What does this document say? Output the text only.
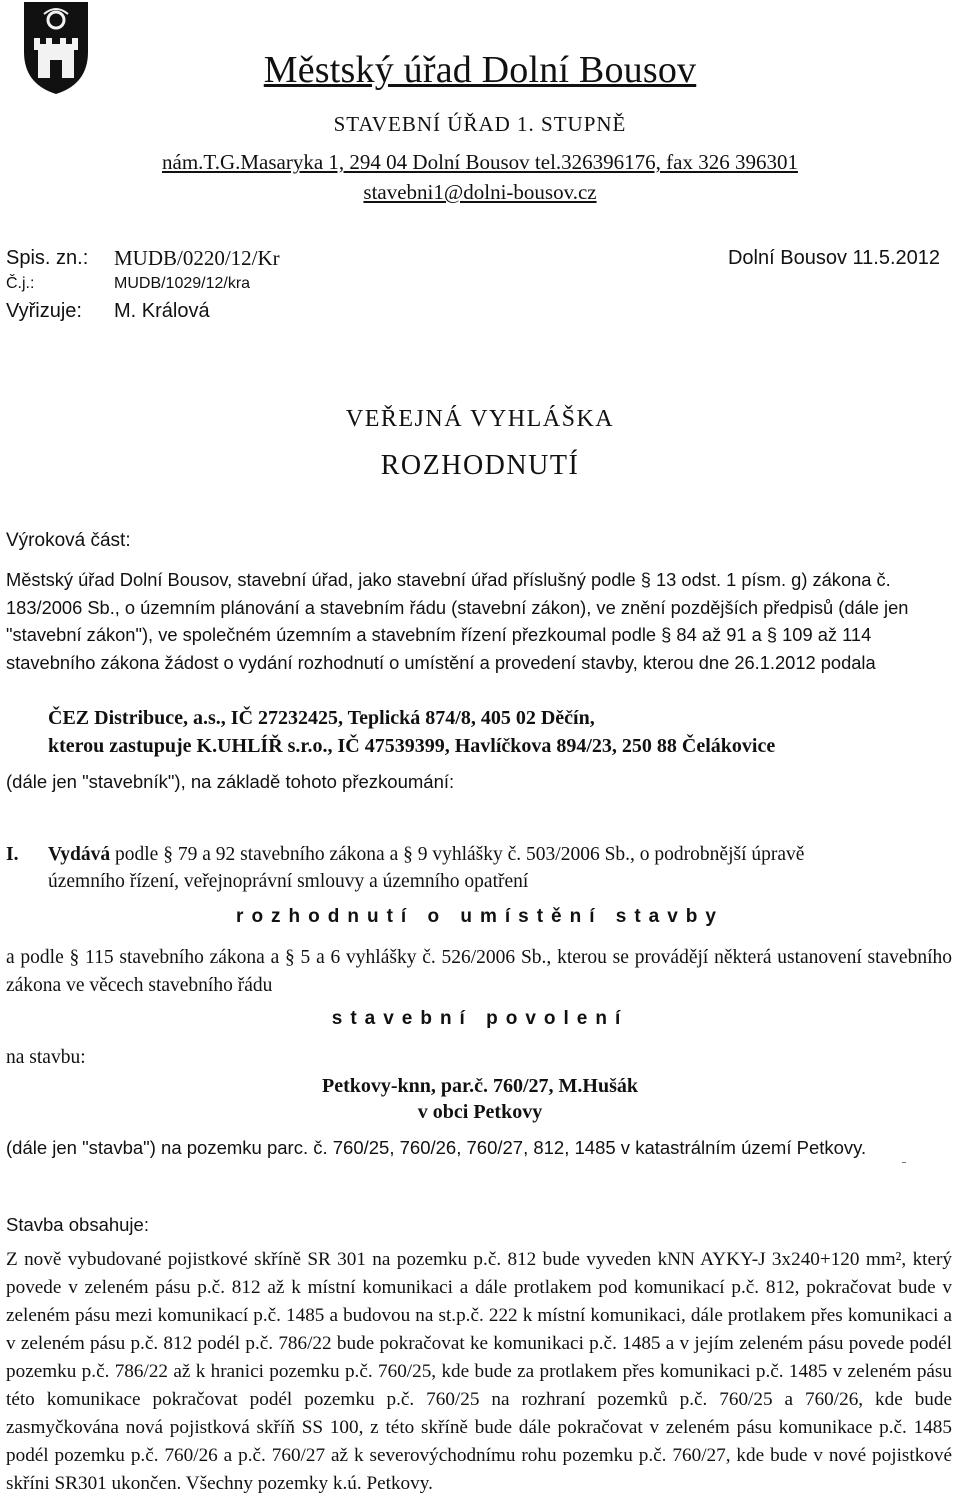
Městský úřad Dolní Bousov
STAVEBNÍ ÚŘAD 1. STUPNĚ
nám.T.G.Masaryka 1, 294 04 Dolní Bousov tel.326396176, fax 326 396301
stavebni1@dolni-bousov.cz
Spis. zn.: MUDB/0220/12/Kr
Č.j.:	MUDB/1029/12/kra
Vyřizuje: M. Králová
Dolní Bousov 11.5.2012
VEŘEJNÁ VYHLÁŠKA
ROZHODNUTÍ
Výroková část:
Městský úřad Dolní Bousov, stavební úřad, jako stavební úřad příslušný podle § 13 odst. 1 písm. g) zákona č. 183/2006 Sb., o územním plánování a stavebním řádu (stavební zákon), ve znění pozdějších předpisů (dále jen "stavební zákon"), ve společném územním a stavebním řízení přezkoumal podle § 84 až 91 a § 109 až 114 stavebního zákona žádost o vydání rozhodnutí o umístění a provedení stavby, kterou dne 26.1.2012 podala
ČEZ Distribuce, a.s., IČ 27232425, Teplická 874/8, 405 02 Děčín,
kterou zastupuje K.UHLÍŘ s.r.o., IČ 47539399, Havlíčkova 894/23, 250 88 Čelákovice
(dále jen "stavebník"), na základě tohoto přezkoumání:
I. Vydává podle § 79 a 92 stavebního zákona a § 9 vyhlášky č. 503/2006 Sb., o podrobnější úpravě
územního řízení, veřejnoprávní smlouvy a územního opatření
rozhodnutí o umístění stavby
a podle § 115 stavebního zákona a § 5 a 6 vyhlášky č. 526/2006 Sb., kterou se provádějí některá ustanovení stavebního zákona ve věcech stavebního řádu
stavební povolení
na stavbu:
Petkovy-knn, par.č. 760/27, M.Hušák
v obci Petkovy
(dále jen "stavba") na pozemku parc. č. 760/25, 760/26, 760/27, 812, 1485 v katastrálním území Petkovy.
Stavba obsahuje:
Z nově vybudované pojistkové skříně SR 301 na pozemku p.č. 812 bude vyveden kNN AYKY-J 3x240+120 mm², který povede v zeleném pásu p.č. 812 až k místní komunikaci a dále protlakem pod komunikací p.č. 812, pokračovat bude v zeleném pásu mezi komunikací p.č. 1485 a budovou na st.p.č. 222 k místní komunikaci, dále protlakem přes komunikaci a v zeleném pásu p.č. 812 podél p.č. 786/22 bude pokračovat ke komunikaci p.č. 1485 a v jejím zeleném pásu povede podél pozemku p.č. 786/22 až k hranici pozemku p.č. 760/25, kde bude za protlakem přes komunikaci p.č. 1485 v zeleném pásu této komunikace pokračovat podél pozemku p.č. 760/25 na rozhraní pozemků p.č. 760/25 a 760/26, kde bude zasmyčkována nová pojistková skříň SS 100, z této skříně bude dále pokračovat v zeleném pásu komunikace p.č. 1485 podél pozemku p.č. 760/26 a p.č. 760/27 až k severovýchodnímu rohu pozemku p.č. 760/27, kde bude v nové pojistkové skříni SR301 ukončen. Všechny pozemky k.ú. Petkovy.
